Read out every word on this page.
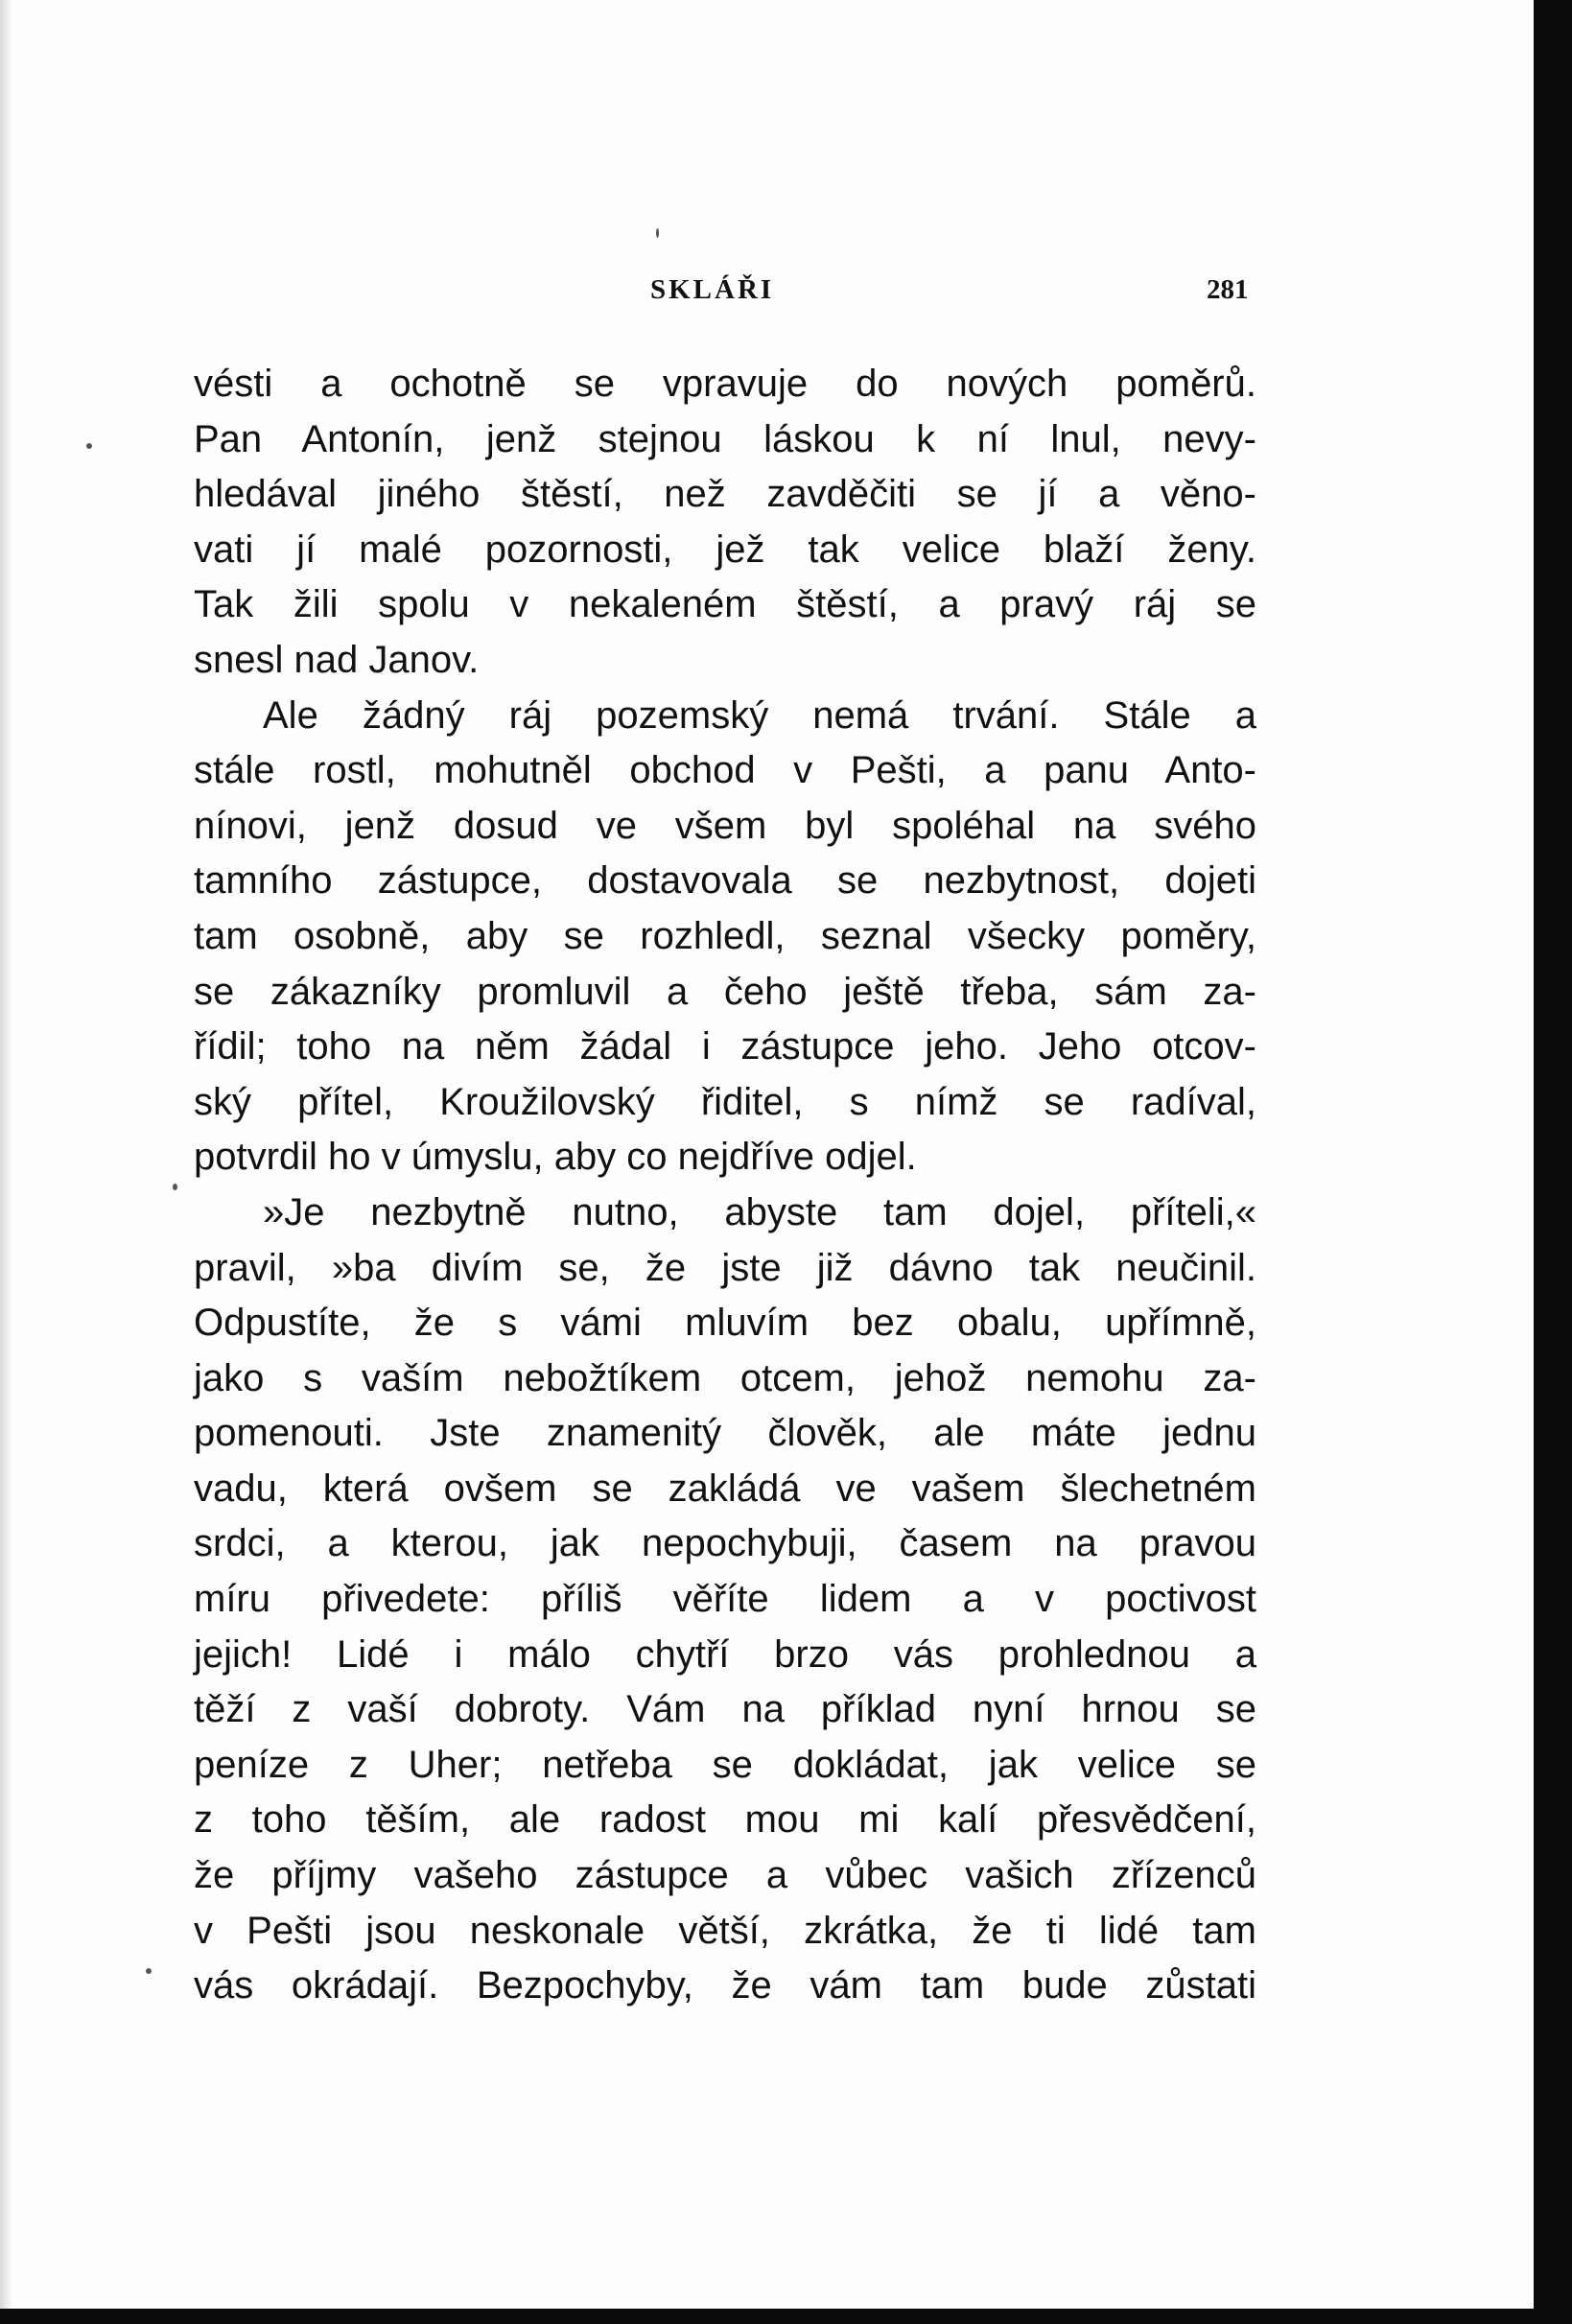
SKLÁŘI	281
vésti a ochotně se vpravuje do nových poměrů.
Pan Antonín, jenž stejnou láskou k ní lnul, nevy-
hledával jiného štěstí, než zavděčiti se jí a věno-
vati jí malé pozornosti, jež tak velice blaží ženy.
Tak žili spolu v nekaleném štěstí, a pravý ráj se
snesl nad Janov.
Ale žádný ráj pozemský nemá trvání. Stále a
stále rostl, mohutněl obchod v Pešti, a panu Anto-
nínovi, jenž dosud ve všem byl spoléhal na svého
tamního zástupce, dostavovala se nezbytnost, dojeti
tam osobně, aby se rozhledl, seznal všecky poměry,
se zákazníky promluvil a čeho ještě třeba, sám za-
řídil; toho na něm žádal i zástupce jeho. Jeho otcov-
ský přítel, Kroužilovský řiditel, s nímž se radíval,
potvrdil ho v úmyslu, aby co nejdříve odjel.
»Je nezbytně nutno, abyste tam dojel, příteli,«
pravil, »ba divím se, že jste již dávno tak neučinil.
Odpustíte, že s vámi mluvím bez obalu, upřímně,
jako s vaším nebožtíkem otcem, jehož nemohu za-
pomenouti. Jste znamenitý člověk, ale máte jednu
vadu, která ovšem se zakládá ve vašem šlechetném
srdci, a kterou, jak nepochybuji, časem na pravou
míru přivedete: příliš věříte lidem a v poctivost
jejich! Lidé i málo chytří brzo vás prohlednou a
těží z vaší dobroty. Vám na příklad nyní hrnou se
peníze z Uher; netřeba se dokládat, jak velice se
z toho těším, ale radost mou mi kalí přesvědčení,
že příjmy vašeho zástupce a vůbec vašich zřízenců
v Pešti jsou neskonale větší, zkrátka, že ti lidé tam
vás okrádají. Bezpochyby, že vám tam bude zůstati
